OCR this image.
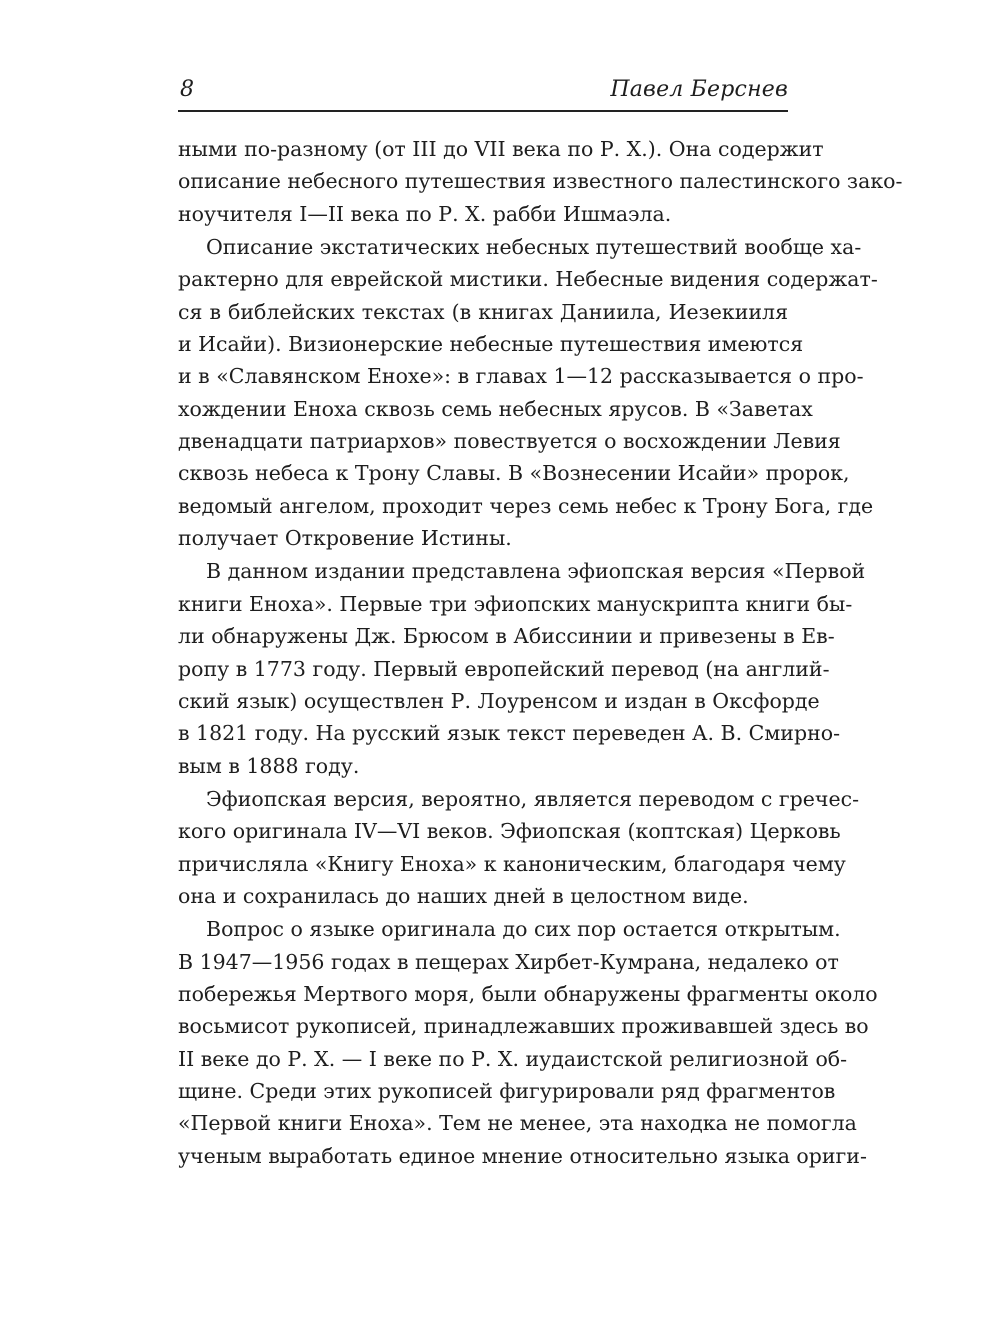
8	Павел Берснев
ными по-разному (от III до VII века по Р. Х.). Она содержит
описание небесного путешествия известного палестинского зако-
ноучителя I—II века по Р. Х. рабби Ишмаэла.
Описание экстатических небесных путешествий вообще ха-
рактерно для еврейской мистики. Небесные видения содержат-
ся в библейских текстах (в книгах Даниила, Иезекииля
и Исайи). Визионерские небесные путешествия имеются
и в «Славянском Енохе»: в главах 1—12 рассказывается о про-
хождении Еноха сквозь семь небесных ярусов. В «Заветах
двенадцати патриархов» повествуется о восхождении Левия
сквозь небеса к Трону Славы. В «Вознесении Исайи» пророк,
ведомый ангелом, проходит через семь небес к Трону Бога, где
получает Откровение Истины.
В данном издании представлена эфиопская версия «Первой
книги Еноха». Первые три эфиопских манускрипта книги бы-
ли обнаружены Дж. Брюсом в Абиссинии и привезены в Ев-
ропу в 1773 году. Первый европейский перевод (на англий-
ский язык) осуществлен Р. Лоуренсом и издан в Оксфорде
в 1821 году. На русский язык текст переведен А. В. Смирно-
вым в 1888 году.
Эфиопская версия, вероятно, является переводом с гречес-
кого оригинала IV—VI веков. Эфиопская (коптская) Церковь
причисляла «Книгу Еноха» к каноническим, благодаря чему
она и сохранилась до наших дней в целостном виде.
Вопрос о языке оригинала до сих пор остается открытым.
В 1947—1956 годах в пещерах Хирбет-Кумрана, недалеко от
побережья Мертвого моря, были обнаружены фрагменты около
восьмисот рукописей, принадлежавших проживавшей здесь во
II веке до Р. Х. — I веке по Р. Х. иудаистской религиозной об-
щине. Среди этих рукописей фигурировали ряд фрагментов
«Первой книги Еноха». Тем не менее, эта находка не помогла
ученым выработать единое мнение относительно языка ориги-
